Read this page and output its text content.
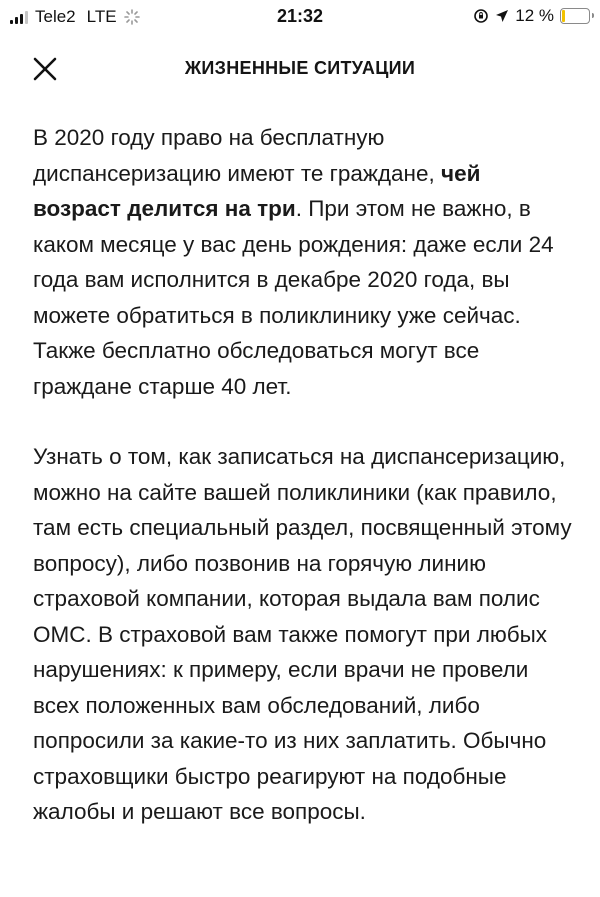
Tele2 LTE	21:32	12 %
ЖИЗНЕННЫЕ СИТУАЦИИ

В 2020 году право на бесплатную диспансеризацию имеют те граждане, чей возраст делится на три. При этом не важно, в каком месяце у вас день рождения: даже если 24 года вам исполнится в декабре 2020 года, вы можете обратиться в поликлинику уже сейчас. Также бесплатно обследоваться могут все граждане старше 40 лет.

Узнать о том, как записаться на диспансеризацию, можно на сайте вашей поликлиники (как правило, там есть специальный раздел, посвященный этому вопросу), либо позвонив на горячую линию страховой компании, которая выдала вам полис ОМС. В страховой вам также помогут при любых нарушениях: к примеру, если врачи не провели всех положенных вам обследований, либо попросили за какие-то из них заплатить. Обычно страховщики быстро реагируют на подобные жалобы и решают все вопросы.
